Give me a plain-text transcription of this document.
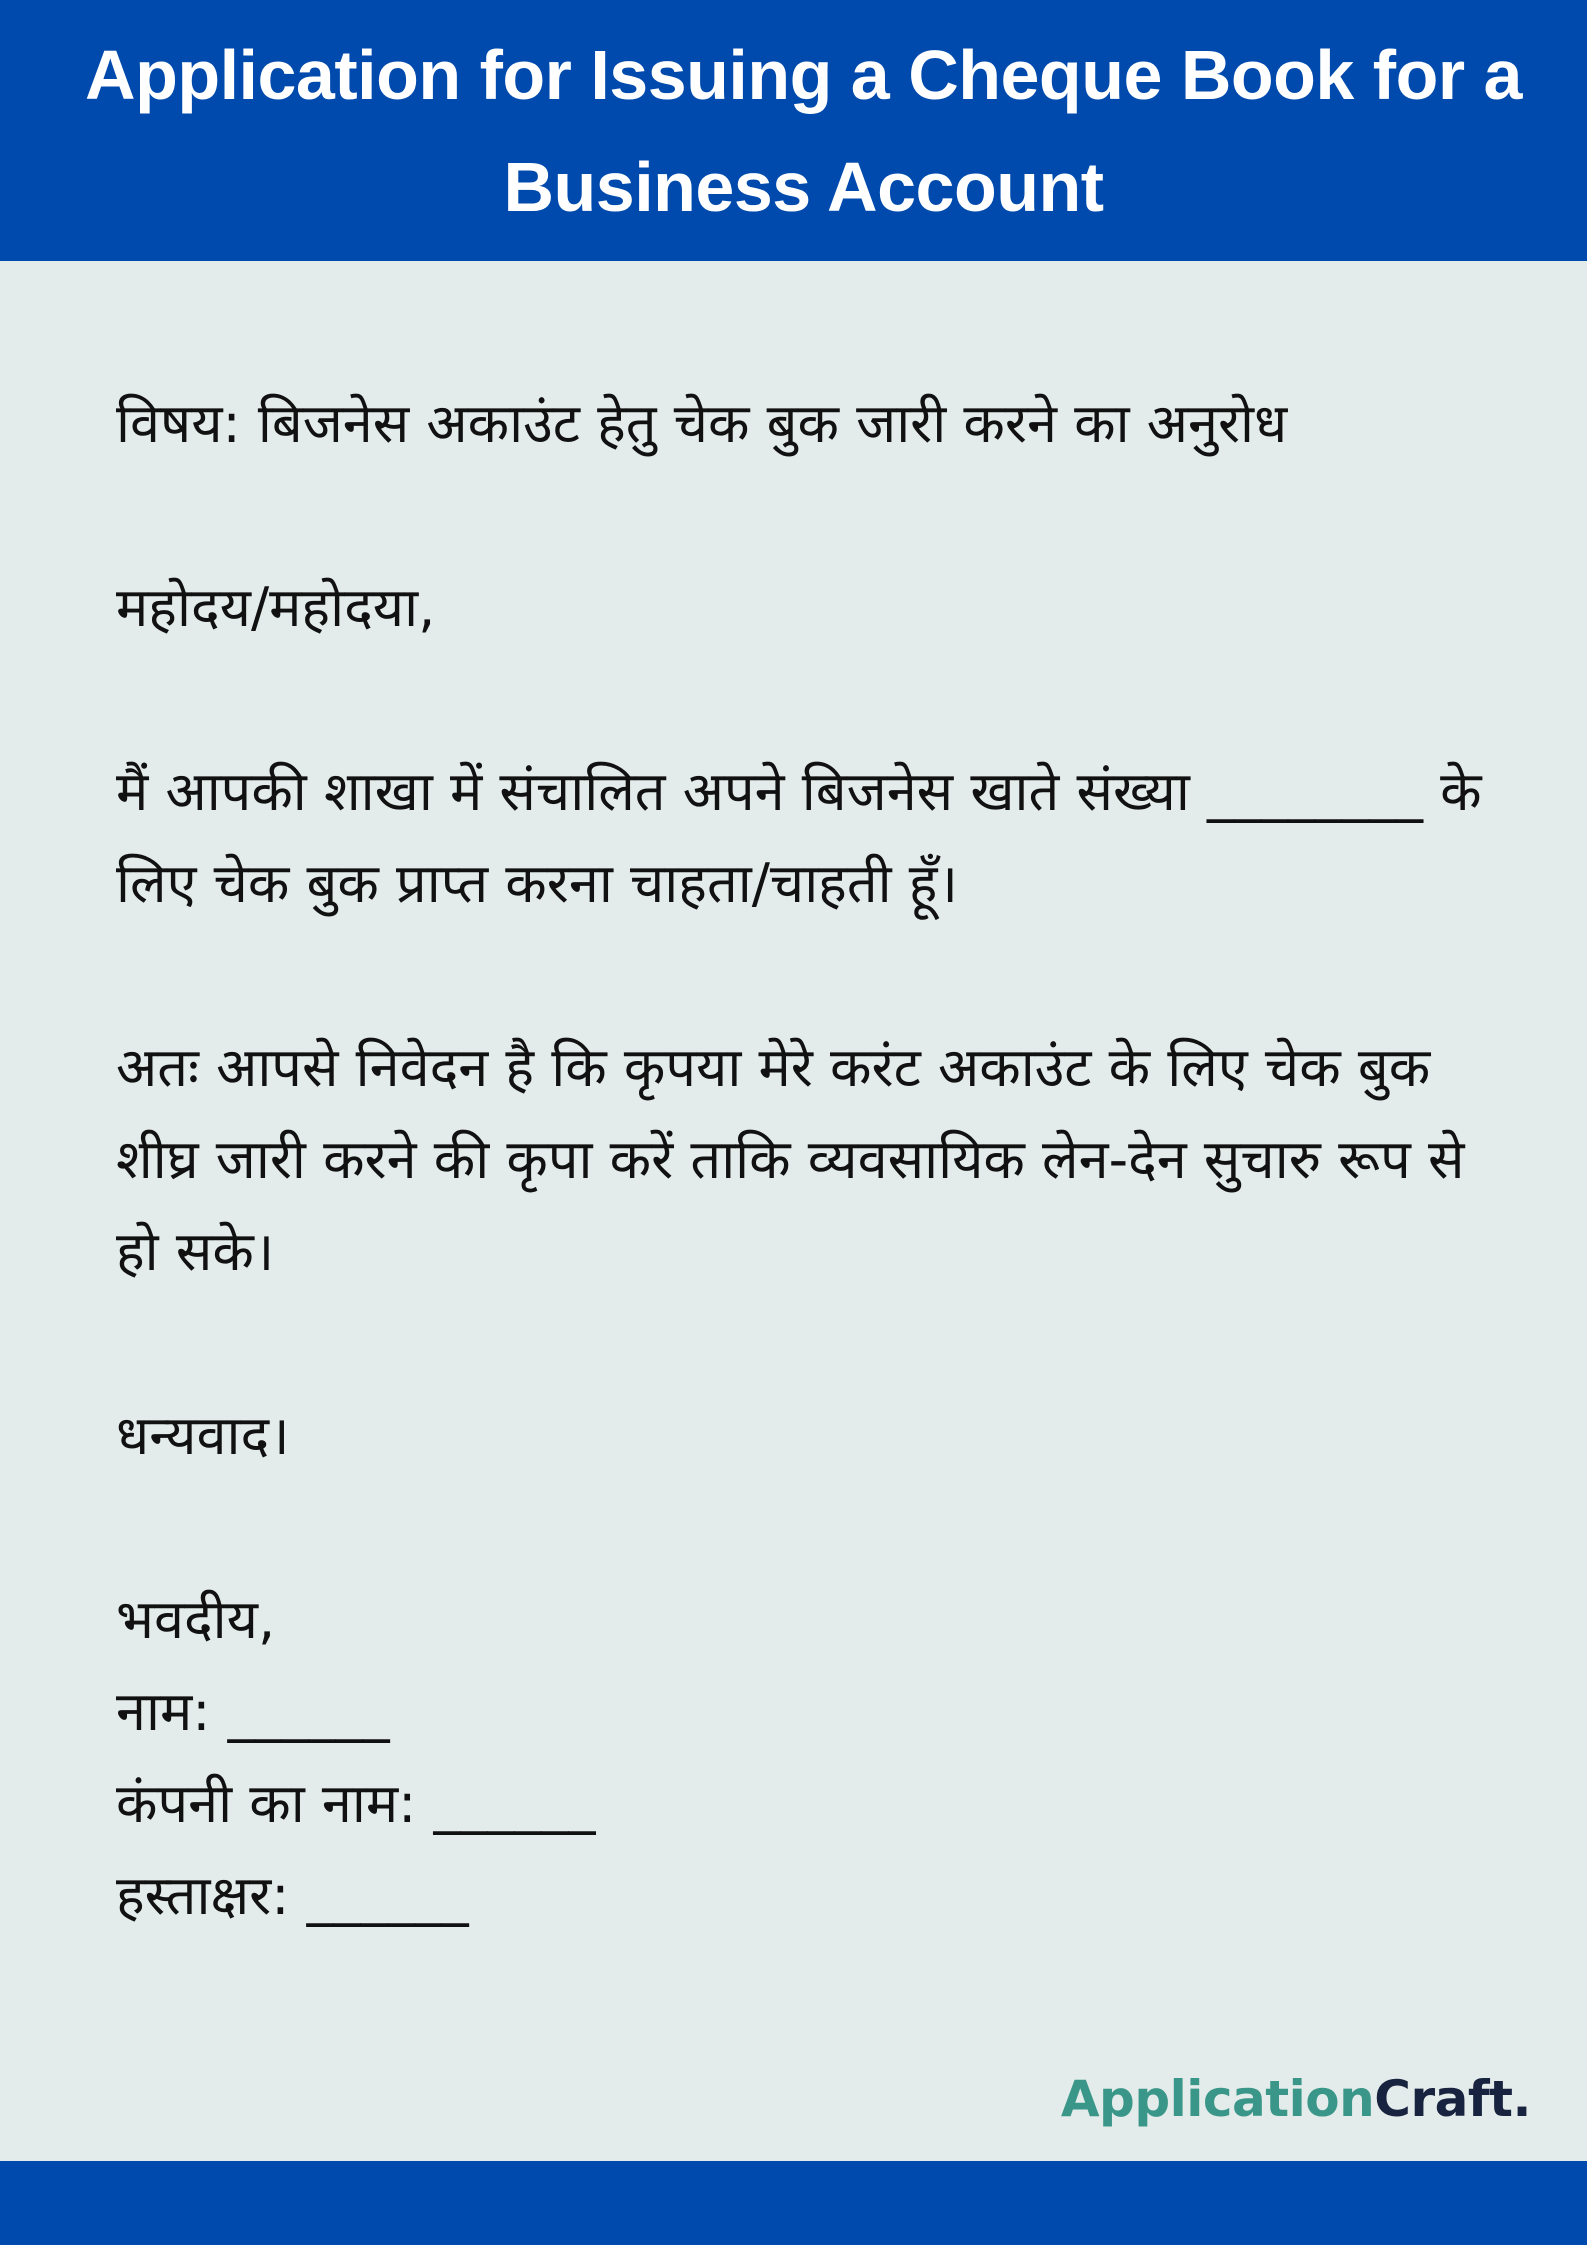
Application for Issuing a Cheque Book for a Business Account

विषय: बिजनेस अकाउंट हेतु चेक बुक जारी करने का अनुरोध

महोदय/महोदया,

मैं आपकी शाखा में संचालित अपने बिजनेस खाते संख्या ________ के लिए चेक बुक प्राप्त करना चाहता/चाहती हूँ।

अतः आपसे निवेदन है कि कृपया मेरे करंट अकाउंट के लिए चेक बुक शीघ्र जारी करने की कृपा करें ताकि व्यवसायिक लेन-देन सुचारु रूप से हो सके।

धन्यवाद।

भवदीय,

नाम: ______

कंपनी का नाम: ______

हस्ताक्षर: ______

ApplicationCraft.
